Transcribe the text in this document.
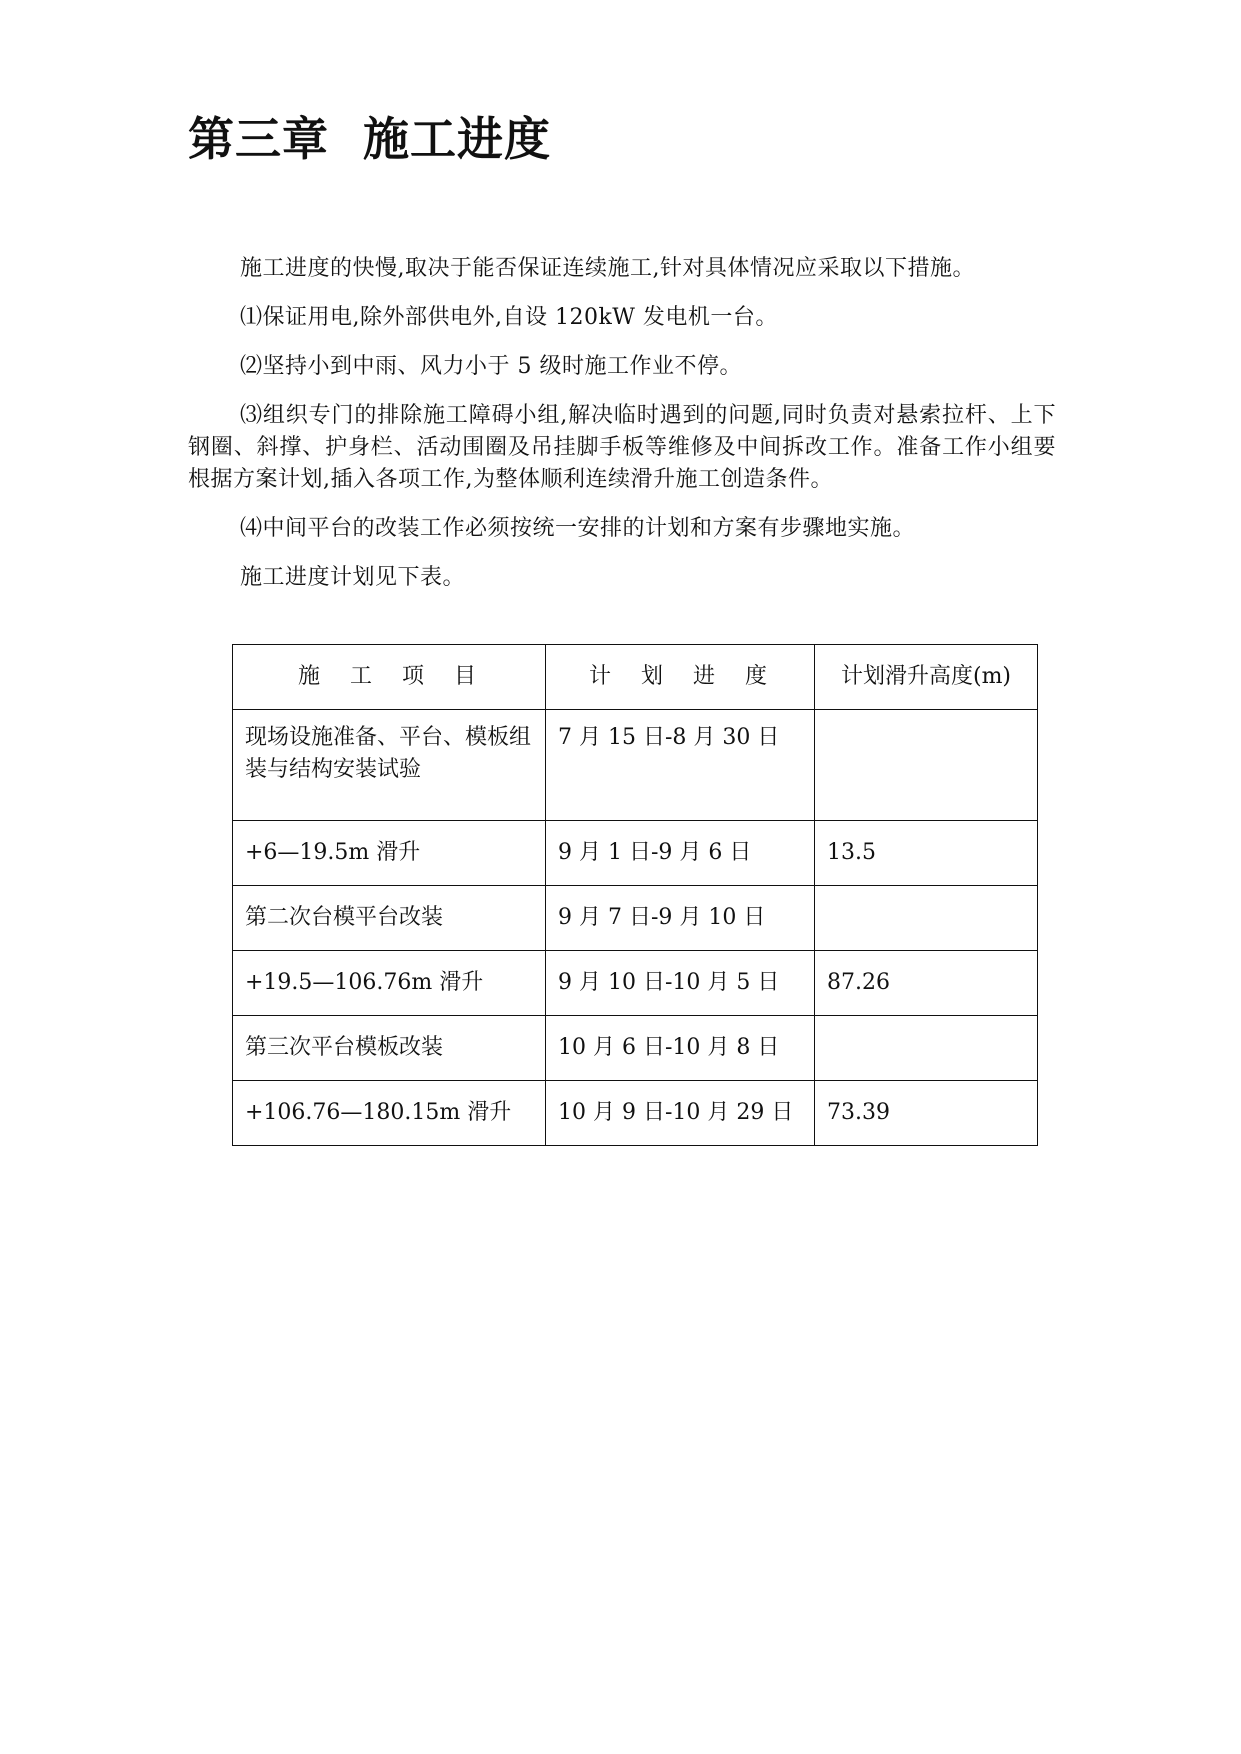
第三章  施工进度

施工进度的快慢,取决于能否保证连续施工,针对具体情况应采取以下措施。

⑴保证用电,除外部供电外,自设 120kW 发电机一台。

⑵坚持小到中雨、风力小于 5 级时施工作业不停。

⑶组织专门的排除施工障碍小组,解决临时遇到的问题,同时负责对悬索拉杆、上下钢圈、斜撑、护身栏、活动围圈及吊挂脚手板等维修及中间拆改工作。准备工作小组要根据方案计划,插入各项工作,为整体顺利连续滑升施工创造条件。

⑷中间平台的改装工作必须按统一安排的计划和方案有步骤地实施。

施工进度计划见下表。

施　工　项　目	计　划　进　度	计划滑升高度(m)
现场设施准备、平台、模板组装与结构安装试验	7 月 15 日-8 月 30 日	
+6—19.5m 滑升	9 月 1 日-9 月 6 日	13.5
第二次台模平台改装	9 月 7 日-9 月 10 日	
+19.5—106.76m 滑升	9 月 10 日-10 月 5 日	87.26
第三次平台模板改装	10 月 6 日-10 月 8 日	
+106.76—180.15m 滑升	10 月 9 日-10 月 29 日	73.39
